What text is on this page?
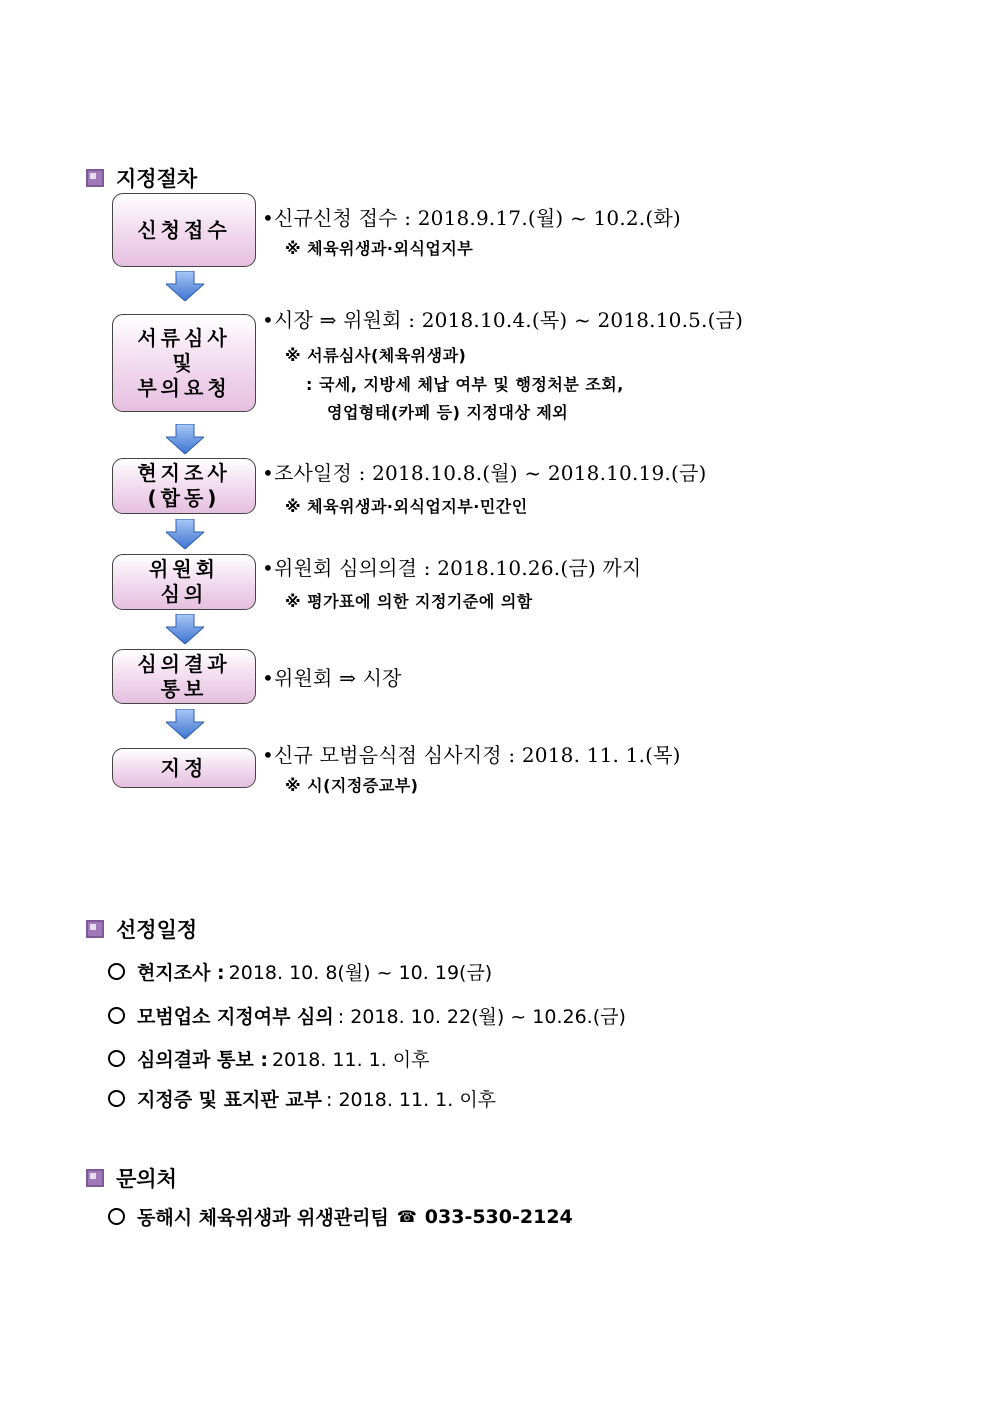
지정절차
신청접수
서류심사
및
부의요청
현지조사
(합동)
위원회
심의
심의결과
통보
지정
•신규신청 접수 : 2018.9.17.(월) ~ 10.2.(화)
※ 체육위생과·외식업지부
•시장 ⇒ 위원회 : 2018.10.4.(목) ~ 2018.10.5.(금)
※ 서류심사(체육위생과)
: 국세, 지방세 체납 여부 및 행정처분 조회,
영업형태(카페 등) 지정대상 제외
•조사일정 : 2018.10.8.(월) ~ 2018.10.19.(금)
※ 체육위생과·외식업지부·민간인
•위원회 심의의결 : 2018.10.26.(금) 까지
※ 평가표에 의한 지정기준에 의함
•위원회 ⇒ 시장
•신규 모범음식점 심사지정 : 2018. 11. 1.(목)
※ 시(지정증교부)
선정일정
현지조사 : 2018. 10. 8(월) ~ 10. 19(금)
모범업소 지정여부 심의 : 2018. 10. 22(월) ~ 10.26.(금)
심의결과 통보 : 2018. 11. 1. 이후
지정증 및 표지판 교부 : 2018. 11. 1. 이후
문의처
동해시 체육위생과 위생관리팀 ☎ 033-530-2124
